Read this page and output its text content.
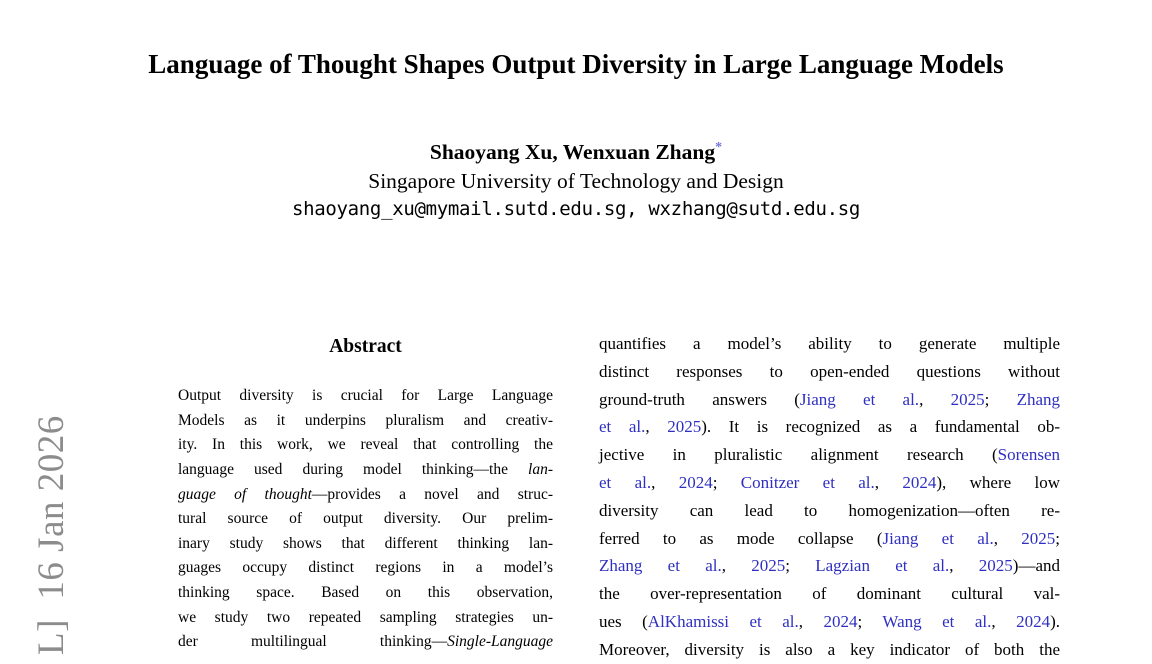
L]  16 Jan 2026
Language of Thought Shapes Output Diversity in Large Language Models
Shaoyang Xu, Wenxuan Zhang*
Singapore University of Technology and Design
shaoyang_xu@mymail.sutd.edu.sg, wxzhang@sutd.edu.sg
Abstract
Output diversity is crucial for Large Language
Models as it underpins pluralism and creativ-
ity. In this work, we reveal that controlling the
language used during model thinking—the lan-
guage of thought—provides a novel and struc-
tural source of output diversity. Our prelim-
inary study shows that different thinking lan-
guages occupy distinct regions in a model’s
thinking space. Based on this observation,
we study two repeated sampling strategies un-
der multilingual thinking—Single-Language
quantifies a model’s ability to generate multiple
distinct responses to open-ended questions without
ground-truth answers (Jiang et al., 2025; Zhang
et al., 2025). It is recognized as a fundamental ob-
jective in pluralistic alignment research (Sorensen
et al., 2024; Conitzer et al., 2024), where low
diversity can lead to homogenization—often re-
ferred to as mode collapse (Jiang et al., 2025;
Zhang et al., 2025; Lagzian et al., 2025)—and
the over-representation of dominant cultural val-
ues (AlKhamissi et al., 2024; Wang et al., 2024).
Moreover, diversity is also a key indicator of both the
